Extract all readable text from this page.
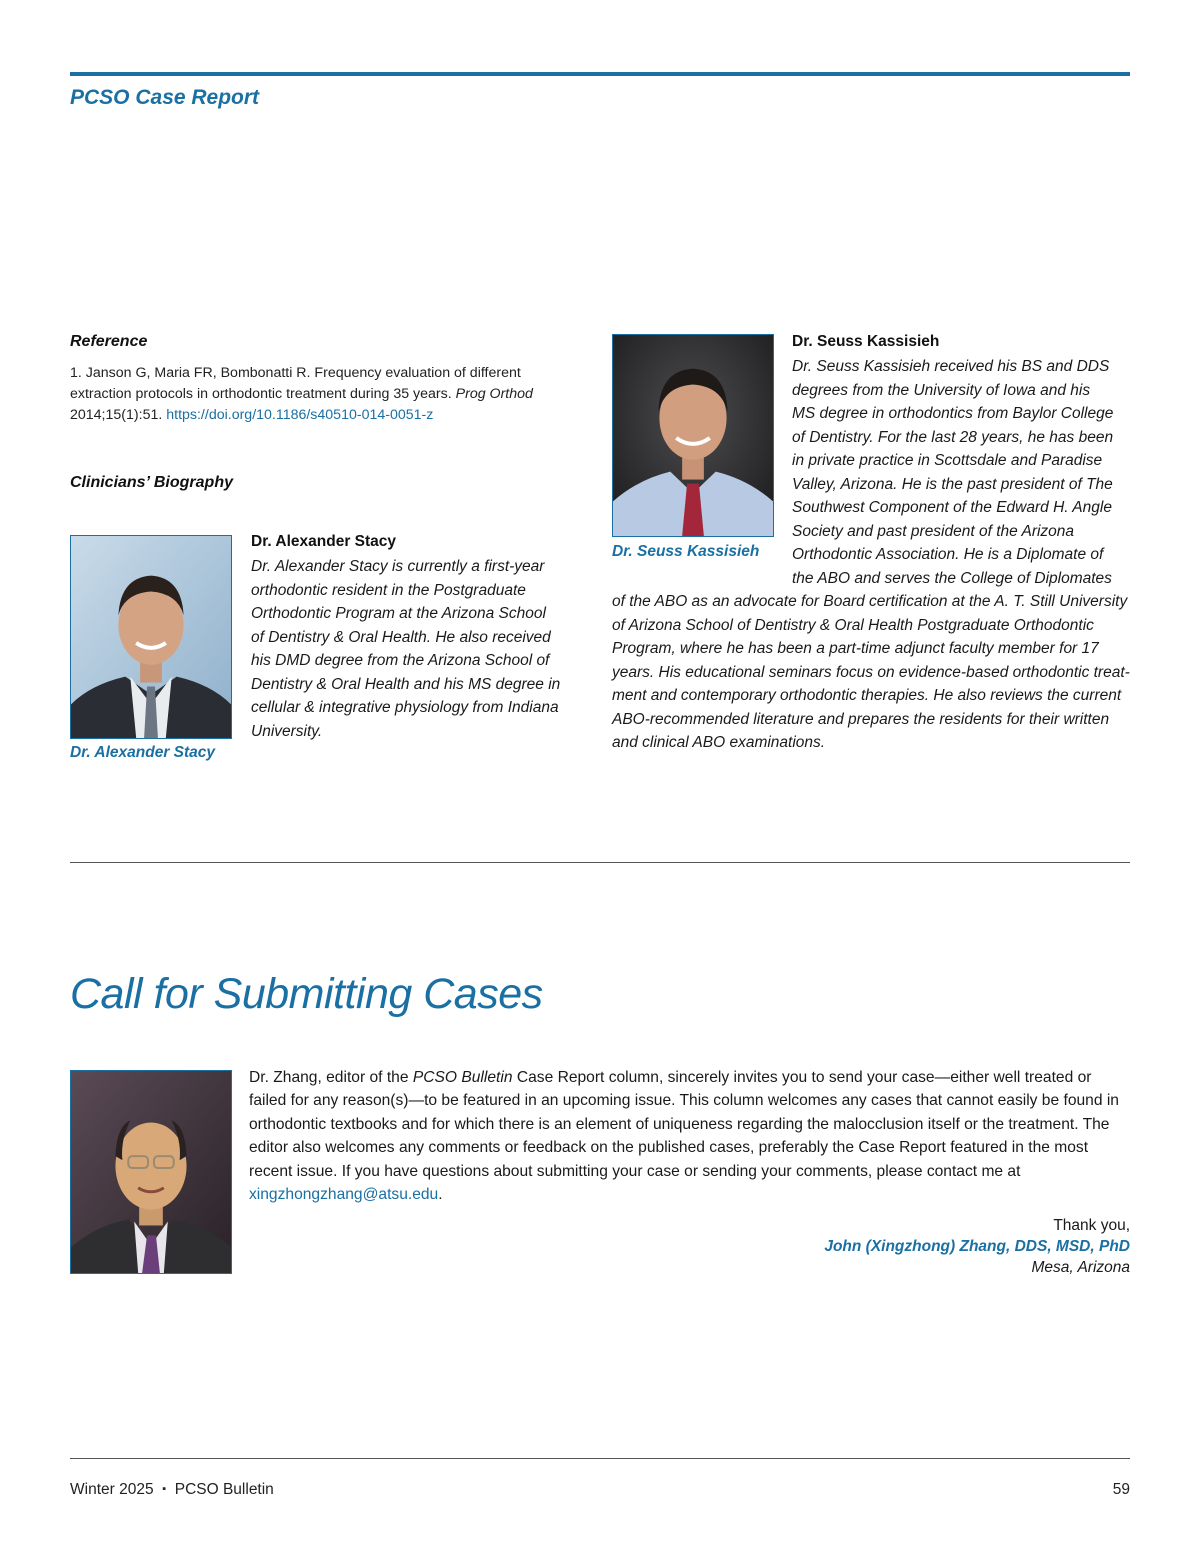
PCSO Case Report
Reference
1. Janson G, Maria FR, Bombonatti R. Frequency evaluation of different extraction protocols in orthodontic treatment during 35 years. Prog Orthod 2014;15(1):51. https://doi.org/10.1186/s40510-014-0051-z
Clinicians’ Biography
Dr. Alexander Stacy
Dr. Alexander Stacy
Dr. Alexander Stacy is currently a first-year
orthodontic resident in the Postgraduate
Orthodontic Program at the Arizona School
of Dentistry & Oral Health. He also received
his DMD degree from the Arizona School of
Dentistry & Oral Health and his MS degree in
cellular & integrative physiology from Indiana
University.
Dr. Seuss Kassisieh
Dr. Seuss Kassisieh
Dr. Seuss Kassisieh received his BS and DDS
degrees from the University of Iowa and his
MS degree in orthodontics from Baylor College
of Dentistry. For the last 28 years, he has been
in private practice in Scottsdale and Paradise
Valley, Arizona. He is the past president of The
Southwest Component of the Edward H. Angle
Society and past president of the Arizona
Orthodontic Association. He is a Diplomate of
the ABO and serves the College of Diplomates
of the ABO as an advocate for Board certification at the A. T. Still University
of Arizona School of Dentistry & Oral Health Postgraduate Orthodontic
Program, where he has been a part-time adjunct faculty member for 17
years. His educational seminars focus on evidence-based orthodontic treat-
ment and contemporary orthodontic therapies. He also reviews the current
ABO-recommended literature and prepares the residents for their written
and clinical ABO examinations.
Call for Submitting Cases
Dr. Zhang, editor of the PCSO Bulletin Case Report column, sincerely invites you to send your case—either well treated or failed for any reason(s)—to be featured in an upcoming issue. This column welcomes any cases that cannot easily be found in orthodontic textbooks and for which there is an element of uniqueness regarding the malocclusion itself or the treatment. The editor also welcomes any comments or feedback on the published cases, preferably the Case Report featured in the most recent issue. If you have questions about submitting your case or sending your comments, please contact me at xingzhongzhang@atsu.edu.
Thank you,
John (Xingzhong) Zhang, DDS, MSD, PhD
Mesa, Arizona
Winter 2025 ▪ PCSO Bulletin	59
